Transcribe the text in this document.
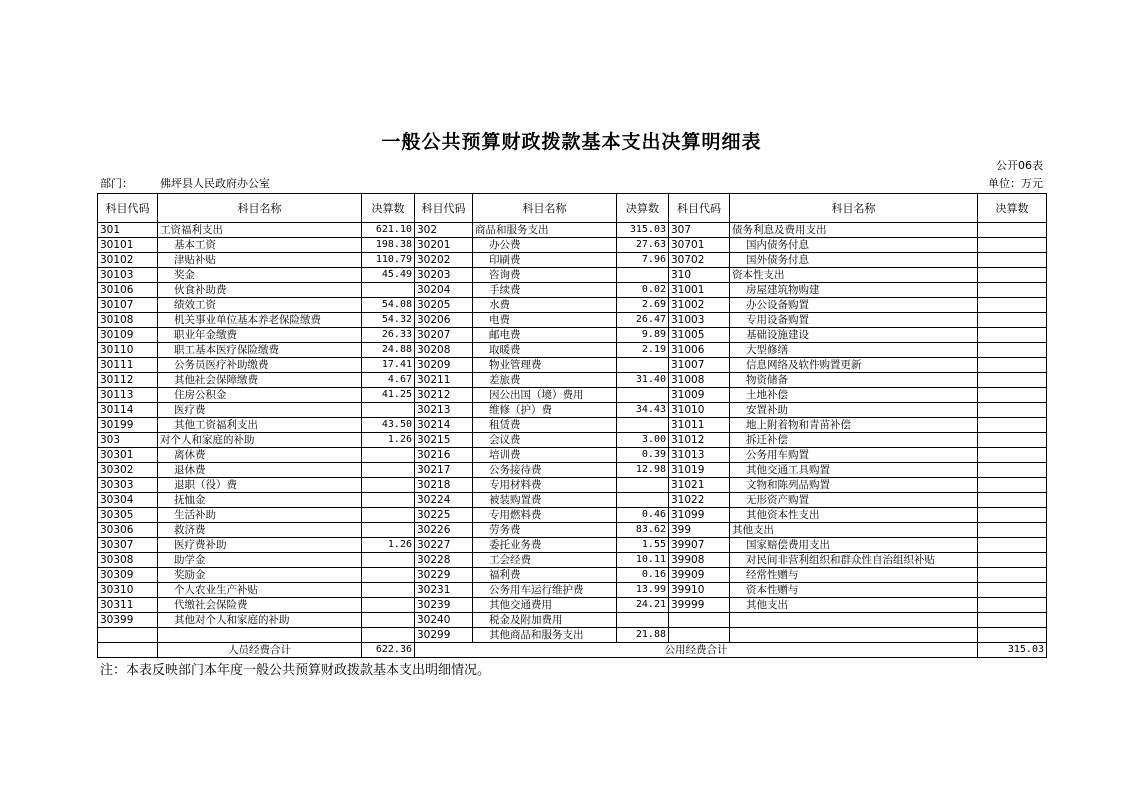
一般公共预算财政拨款基本支出决算明细表
公开06表
部门： 佛坪县人民政府办公室	单位：万元
科目代码	科目名称	决算数	科目代码	科目名称	决算数	科目代码	科目名称	决算数
301	工资福利支出	621.10	302	商品和服务支出	315.03	307	债务利息及费用支出	
30101	基本工资	198.38	30201	办公费	27.63	30701	国内债务付息	
30102	津贴补贴	110.79	30202	印刷费	7.96	30702	国外债务付息	
30103	奖金	45.49	30203	咨询费		310	资本性支出	
30106	伙食补助费		30204	手续费	0.02	31001	房屋建筑物购建	
30107	绩效工资	54.08	30205	水费	2.69	31002	办公设备购置	
30108	机关事业单位基本养老保险缴费	54.32	30206	电费	26.47	31003	专用设备购置	
30109	职业年金缴费	26.33	30207	邮电费	9.89	31005	基础设施建设	
30110	职工基本医疗保险缴费	24.88	30208	取暖费	2.19	31006	大型修缮	
30111	公务员医疗补助缴费	17.41	30209	物业管理费		31007	信息网络及软件购置更新	
30112	其他社会保障缴费	4.67	30211	差旅费	31.40	31008	物资储备	
30113	住房公积金	41.25	30212	因公出国（境）费用		31009	土地补偿	
30114	医疗费		30213	维修（护）费	34.43	31010	安置补助	
30199	其他工资福利支出	43.50	30214	租赁费		31011	地上附着物和青苗补偿	
303	对个人和家庭的补助	1.26	30215	会议费	3.00	31012	拆迁补偿	
30301	离休费		30216	培训费	0.39	31013	公务用车购置	
30302	退休费		30217	公务接待费	12.98	31019	其他交通工具购置	
30303	退职（役）费		30218	专用材料费		31021	文物和陈列品购置	
30304	抚恤金		30224	被装购置费		31022	无形资产购置	
30305	生活补助		30225	专用燃料费	0.46	31099	其他资本性支出	
30306	救济费		30226	劳务费	83.62	399	其他支出	
30307	医疗费补助	1.26	30227	委托业务费	1.55	39907	国家赔偿费用支出	
30308	助学金		30228	工会经费	10.11	39908	对民间非营利组织和群众性自治组织补贴	
30309	奖励金		30229	福利费	0.16	39909	经常性赠与	
30310	个人农业生产补贴		30231	公务用车运行维护费	13.99	39910	资本性赠与	
30311	代缴社会保险费		30239	其他交通费用	24.21	39999	其他支出	
30399	其他对个人和家庭的补助		30240	税金及附加费用				
			30299	其他商品和服务支出	21.88			
	人员经费合计	622.36	公用经费合计					315.03
注：本表反映部门本年度一般公共预算财政拨款基本支出明细情况。
